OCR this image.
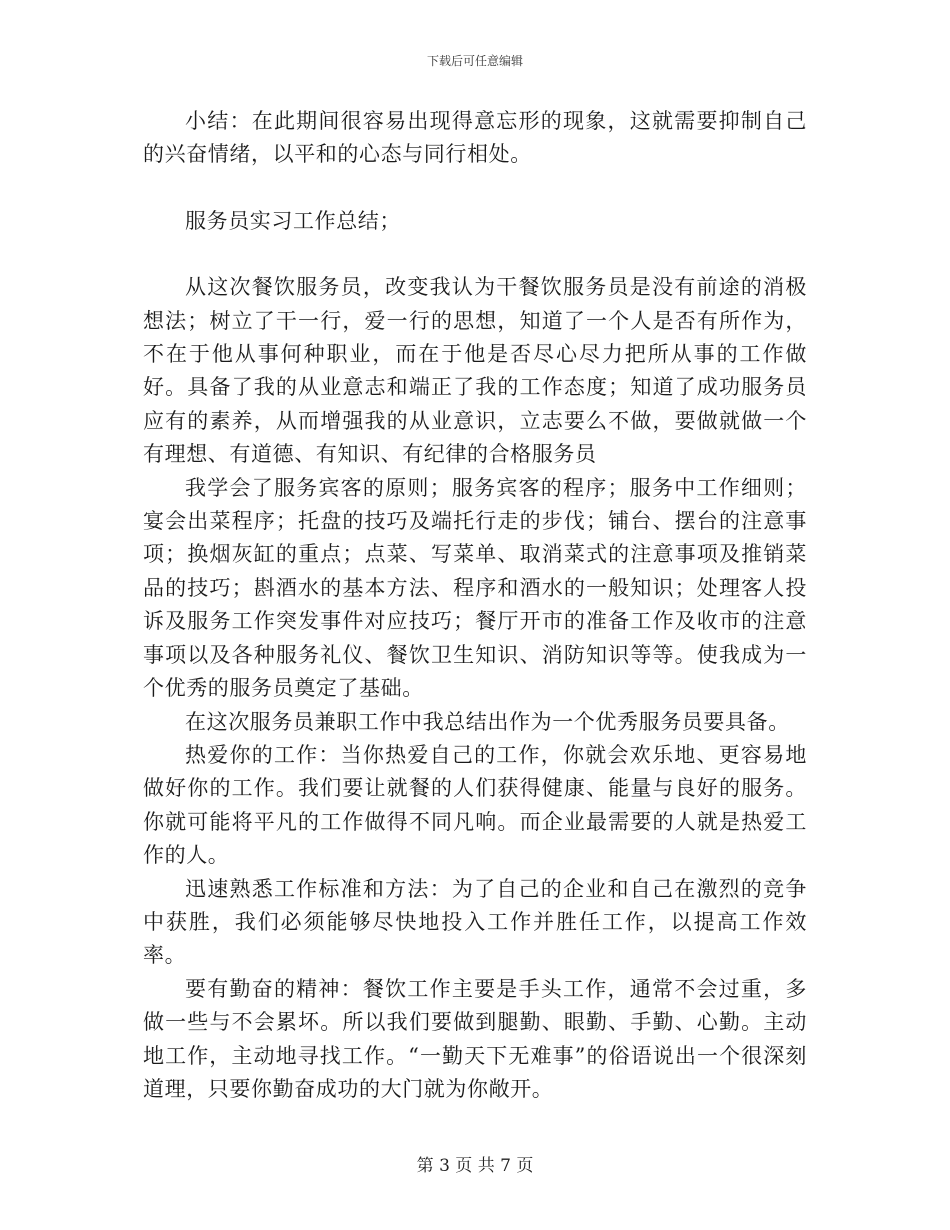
下载后可任意编辑

小结：在此期间很容易出现得意忘形的现象，这就需要抑制自己的兴奋情绪，以平和的心态与同行相处。

服务员实习工作总结；

从这次餐饮服务员，改变我认为干餐饮服务员是没有前途的消极想法；树立了干一行，爱一行的思想，知道了一个人是否有所作为，不在于他从事何种职业，而在于他是否尽心尽力把所从事的工作做好。具备了我的从业意志和端正了我的工作态度；知道了成功服务员应有的素养，从而增强我的从业意识，立志要么不做，要做就做一个有理想、有道德、有知识、有纪律的合格服务员

我学会了服务宾客的原则；服务宾客的程序；服务中工作细则；宴会出菜程序；托盘的技巧及端托行走的步伐；铺台、摆台的注意事项；换烟灰缸的重点；点菜、写菜单、取消菜式的注意事项及推销菜品的技巧；斟酒水的基本方法、程序和酒水的一般知识；处理客人投诉及服务工作突发事件对应技巧；餐厅开市的准备工作及收市的注意事项以及各种服务礼仪、餐饮卫生知识、消防知识等等。使我成为一个优秀的服务员奠定了基础。

在这次服务员兼职工作中我总结出作为一个优秀服务员要具备。

热爱你的工作：当你热爱自己的工作，你就会欢乐地、更容易地做好你的工作。我们要让就餐的人们获得健康、能量与良好的服务。你就可能将平凡的工作做得不同凡响。而企业最需要的人就是热爱工作的人。

迅速熟悉工作标准和方法：为了自己的企业和自己在激烈的竞争中获胜，我们必须能够尽快地投入工作并胜任工作，以提高工作效率。

要有勤奋的精神：餐饮工作主要是手头工作，通常不会过重，多做一些与不会累坏。所以我们要做到腿勤、眼勤、手勤、心勤。主动地工作，主动地寻找工作。“一勤天下无难事”的俗语说出一个很深刻道理，只要你勤奋成功的大门就为你敞开。

第 3 页 共 7 页
